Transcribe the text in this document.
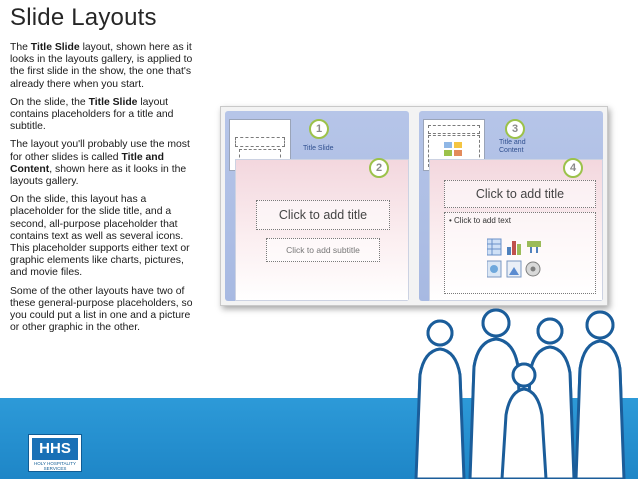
Slide Layouts

The Title Slide layout, shown here as it looks in the layouts gallery, is applied to the first slide in the show, the one that's already there when you start.

On the slide, the Title Slide layout contains placeholders for a title and subtitle.

The layout you'll probably use the most for other slides is called Title and Content, shown here as it looks in the layouts gallery.

On the slide, this layout has a placeholder for the slide title, and a second, all-purpose placeholder that contains text as well as several icons. This placeholder supports either text or graphic elements like charts, pictures, and movie files.

Some of the other layouts have two of these general-purpose placeholders, so you could put a list in one and a picture or other graphic in the other.

1
Title Slide
2
Click to add title
Click to add subtitle
3
Title and
Content
4
Click to add title
• Click to add text
HHS
HOLY HOSPITALITY SERVICES
